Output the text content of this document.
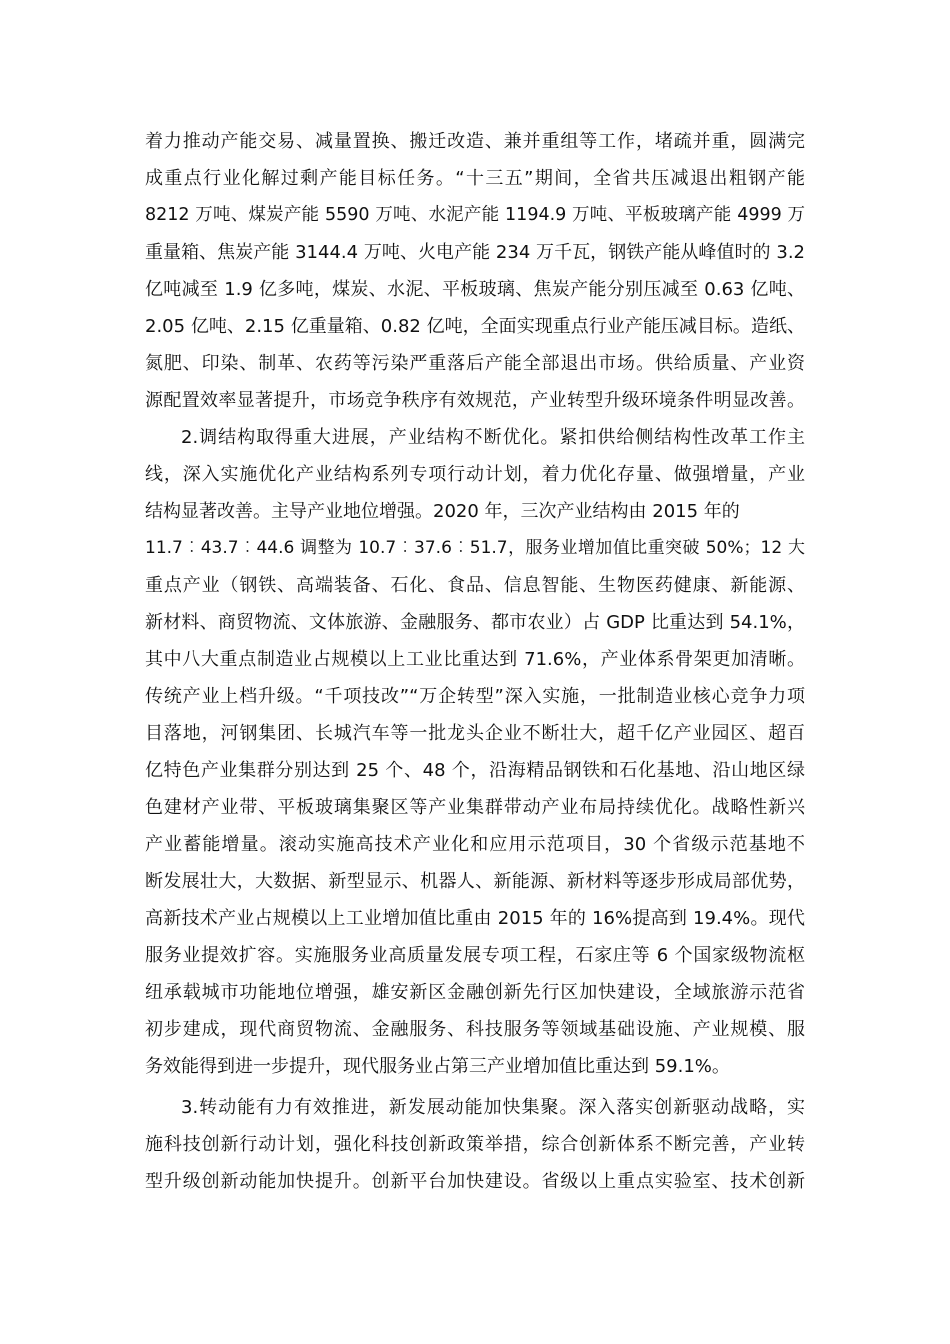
着力推动产能交易、减量置换、搬迁改造、兼并重组等工作，堵疏并重，圆满完
成重点行业化解过剩产能目标任务。“十三五”期间，全省共压减退出粗钢产能
8212 万吨、煤炭产能 5590 万吨、水泥产能 1194.9 万吨、平板玻璃产能 4999 万
重量箱、焦炭产能 3144.4 万吨、火电产能 234 万千瓦，钢铁产能从峰值时的 3.2
亿吨减至 1.9 亿多吨，煤炭、水泥、平板玻璃、焦炭产能分别压减至 0.63 亿吨、
2.05 亿吨、2.15 亿重量箱、0.82 亿吨，全面实现重点行业产能压减目标。造纸、
氮肥、印染、制革、农药等污染严重落后产能全部退出市场。供给质量、产业资
源配置效率显著提升，市场竞争秩序有效规范，产业转型升级环境条件明显改善。
2.调结构取得重大进展，产业结构不断优化。紧扣供给侧结构性改革工作主
线，深入实施优化产业结构系列专项行动计划，着力优化存量、做强增量，产业
结构显著改善。主导产业地位增强。2020 年，三次产业结构由 2015 年的
11.7︰43.7︰44.6 调整为 10.7︰37.6︰51.7，服务业增加值比重突破 50%；12 大
重点产业（钢铁、高端装备、石化、食品、信息智能、生物医药健康、新能源、
新材料、商贸物流、文体旅游、金融服务、都市农业）占 GDP 比重达到 54.1%，
其中八大重点制造业占规模以上工业比重达到 71.6%，产业体系骨架更加清晰。
传统产业上档升级。“千项技改”“万企转型”深入实施，一批制造业核心竞争力项
目落地，河钢集团、长城汽车等一批龙头企业不断壮大，超千亿产业园区、超百
亿特色产业集群分别达到 25 个、48 个，沿海精品钢铁和石化基地、沿山地区绿
色建材产业带、平板玻璃集聚区等产业集群带动产业布局持续优化。战略性新兴
产业蓄能增量。滚动实施高技术产业化和应用示范项目，30 个省级示范基地不
断发展壮大，大数据、新型显示、机器人、新能源、新材料等逐步形成局部优势，
高新技术产业占规模以上工业增加值比重由 2015 年的 16%提高到 19.4%。现代
服务业提效扩容。实施服务业高质量发展专项工程，石家庄等 6 个国家级物流枢
纽承载城市功能地位增强，雄安新区金融创新先行区加快建设，全域旅游示范省
初步建成，现代商贸物流、金融服务、科技服务等领域基础设施、产业规模、服
务效能得到进一步提升，现代服务业占第三产业增加值比重达到 59.1%。
3.转动能有力有效推进，新发展动能加快集聚。深入落实创新驱动战略，实
施科技创新行动计划，强化科技创新政策举措，综合创新体系不断完善，产业转
型升级创新动能加快提升。创新平台加快建设。省级以上重点实验室、技术创新
